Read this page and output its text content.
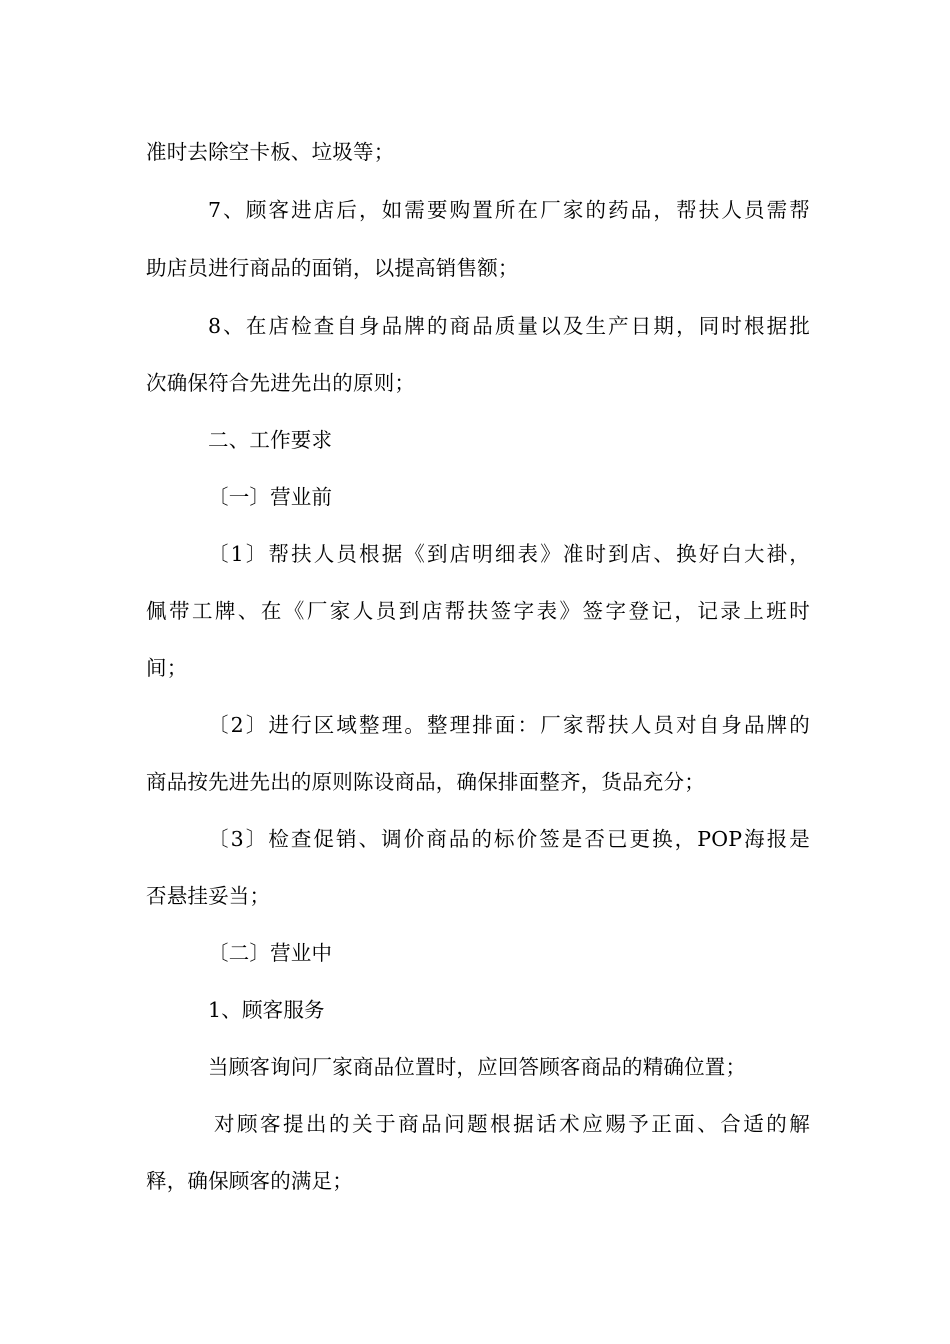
准时去除空卡板、垃圾等；
7、顾客进店后，如需要购置所在厂家的药品，帮扶人员需帮
助店员进行商品的面销，以提高销售额；
8、在店检查自身品牌的商品质量以及生产日期，同时根据批
次确保符合先进先出的原则；
二、工作要求
〔一〕营业前
〔1〕帮扶人员根据《到店明细表》准时到店、换好白大褂，
佩带工牌、在《厂家人员到店帮扶签字表》签字登记，记录上班时
间；
〔2〕进行区域整理。整理排面：厂家帮扶人员对自身品牌的
商品按先进先出的原则陈设商品，确保排面整齐，货品充分；
〔3〕检查促销、调价商品的标价签是否已更换，POP海报是
否悬挂妥当；
〔二〕营业中
1、顾客服务
当顾客询问厂家商品位置时，应回答顾客商品的精确位置；
对顾客提出的关于商品问题根据话术应赐予正面、合适的解
释，确保顾客的满足；
